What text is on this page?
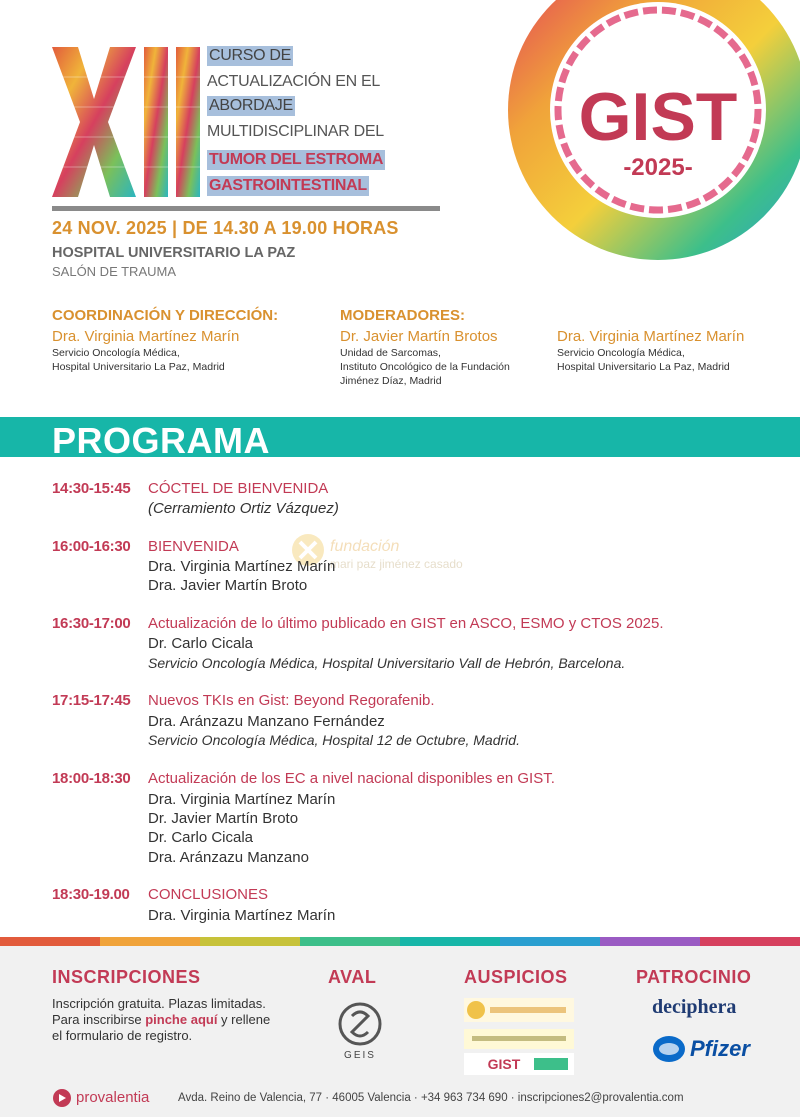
CURSO DE
ACTUALIZACIÓN EN EL
ABORDAJE
MULTIDISCIPLINAR DEL
TUMOR DEL ESTROMA
GASTROINTESTINAL
24 NOV. 2025 | DE 14.30 A 19.00 HORAS
HOSPITAL UNIVERSITARIO LA PAZ
SALÓN DE TRAUMA
GIST
-2025-
COORDINACIÓN Y DIRECCIÓN:
Dra. Virginia Martínez Marín
Servicio Oncología Médica,
Hospital Universitario La Paz, Madrid
MODERADORES:
Dr. Javier Martín Brotos
Unidad de Sarcomas,
Instituto Oncológico de la Fundación
Jiménez Díaz, Madrid
Dra. Virginia Martínez Marín
Servicio Oncología Médica,
Hospital Universitario La Paz, Madrid
PROGRAMA
fundación
mari paz jiménez casado
14:30-15:45 CÓCTEL DE BIENVENIDA
(Cerramiento Ortiz Vázquez)
16:00-16:30 BIENVENIDA
Dra. Virginia Martínez Marín
Dra. Javier Martín Broto
16:30-17:00 Actualización de lo último publicado en GIST en ASCO, ESMO y CTOS 2025.
Dr. Carlo Cicala
Servicio Oncología Médica, Hospital Universitario Vall de Hebrón, Barcelona.
17:15-17:45 Nuevos TKIs en Gist: Beyond Regorafenib.
Dra. Aránzazu Manzano Fernández
Servicio Oncología Médica, Hospital 12 de Octubre, Madrid.
18:00-18:30 Actualización de los EC a nivel nacional disponibles en GIST.
Dra. Virginia Martínez Marín
Dr. Javier Martín Broto
Dr. Carlo Cicala
Dra. Aránzazu Manzano
18:30-19.00 CONCLUSIONES
Dra. Virginia Martínez Marín
INSCRIPCIONES
Inscripción gratuita. Plazas limitadas.
Para inscribirse pinche aquí y rellene
el formulario de registro.
AVAL
GEIS
AUSPICIOS
GIST
PATROCINIO
deciphera
Pfizer
provalentia Avda. Reino de Valencia, 77 · 46005 Valencia · +34 963 734 690 · inscripciones2@provalentia.com
